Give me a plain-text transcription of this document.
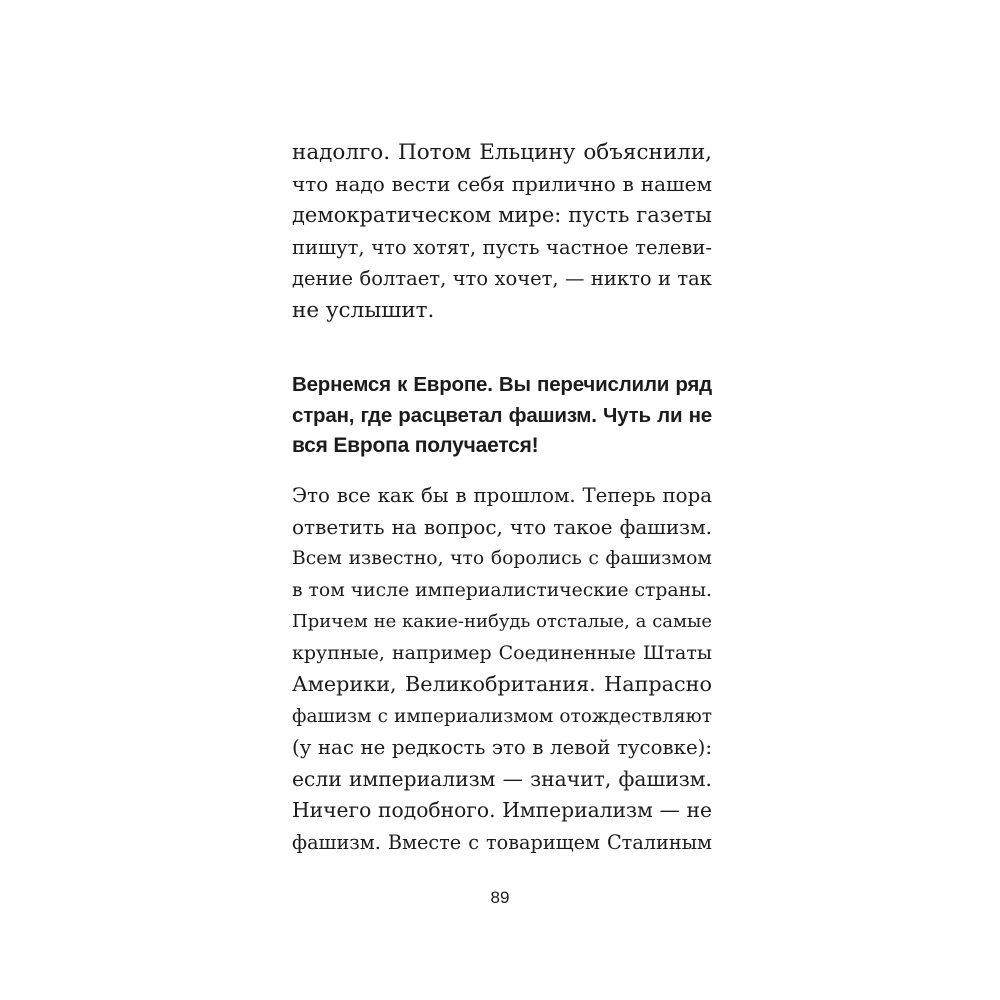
надолго. Потом Ельцину объяснили,
что надо вести себя прилично в нашем
демократическом мире: пусть газеты
пишут, что хотят, пусть частное телеви-
дение болтает, что хочет, — никто и так
не услышит.
Вернемся к Европе. Вы перечислили ряд
стран, где расцветал фашизм. Чуть ли не
вся Европа получается!
Это все как бы в прошлом. Теперь пора
ответить на вопрос, что такое фашизм.
Всем известно, что боролись с фашизмом
в том числе империалистические страны.
Причем не какие-нибудь отсталые, а самые
крупные, например Соединенные Штаты
Америки, Великобритания. Напрасно
фашизм с империализмом отождествляют
(у нас не редкость это в левой тусовке):
если империализм — значит, фашизм.
Ничего подобного. Империализм — не
фашизм. Вместе с товарищем Сталиным
89
